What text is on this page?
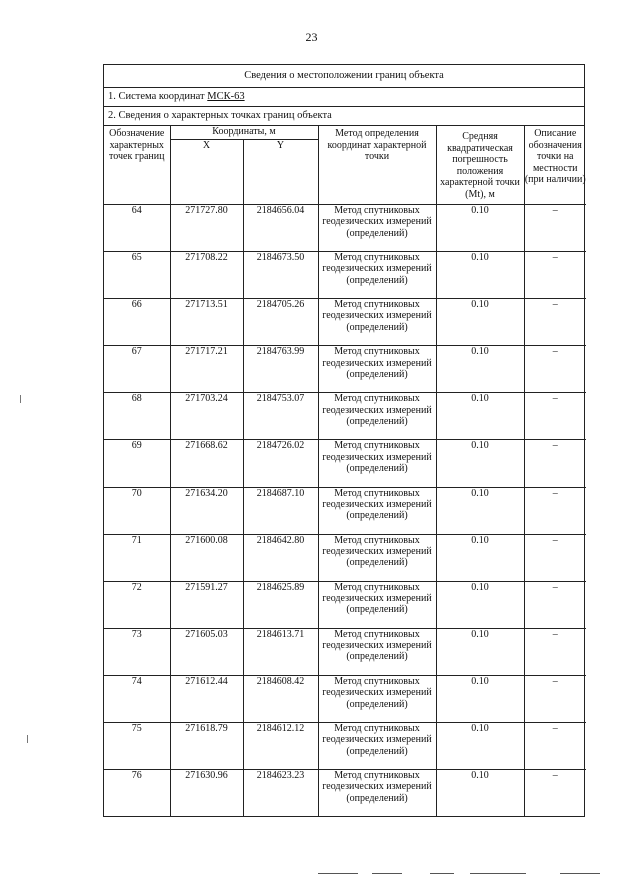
23
Сведения о местоположении границ объекта
1. Система координат МСК-63
2. Сведения о характерных точках границ объекта
Обозначение характерных точек границ	Координаты, м		Метод определения координат характерной точки	Средняя квадратическая погрешность положения характерной точки (Mt), м	Описание обозначения точки на местности (при наличии)
	X	Y			
64	271727.80	2184656.04	Метод спутниковых геодезических измерений (определений)	0.10	–
65	271708.22	2184673.50	Метод спутниковых геодезических измерений (определений)	0.10	–
66	271713.51	2184705.26	Метод спутниковых геодезических измерений (определений)	0.10	–
67	271717.21	2184763.99	Метод спутниковых геодезических измерений (определений)	0.10	–
68	271703.24	2184753.07	Метод спутниковых геодезических измерений (определений)	0.10	–
69	271668.62	2184726.02	Метод спутниковых геодезических измерений (определений)	0.10	–
70	271634.20	2184687.10	Метод спутниковых геодезических измерений (определений)	0.10	–
71	271600.08	2184642.80	Метод спутниковых геодезических измерений (определений)	0.10	–
72	271591.27	2184625.89	Метод спутниковых геодезических измерений (определений)	0.10	–
73	271605.03	2184613.71	Метод спутниковых геодезических измерений (определений)	0.10	–
74	271612.44	2184608.42	Метод спутниковых геодезических измерений (определений)	0.10	–
75	271618.79	2184612.12	Метод спутниковых геодезических измерений (определений)	0.10	–
76	271630.96	2184623.23	Метод спутниковых геодезических измерений (определений)	0.10	–
